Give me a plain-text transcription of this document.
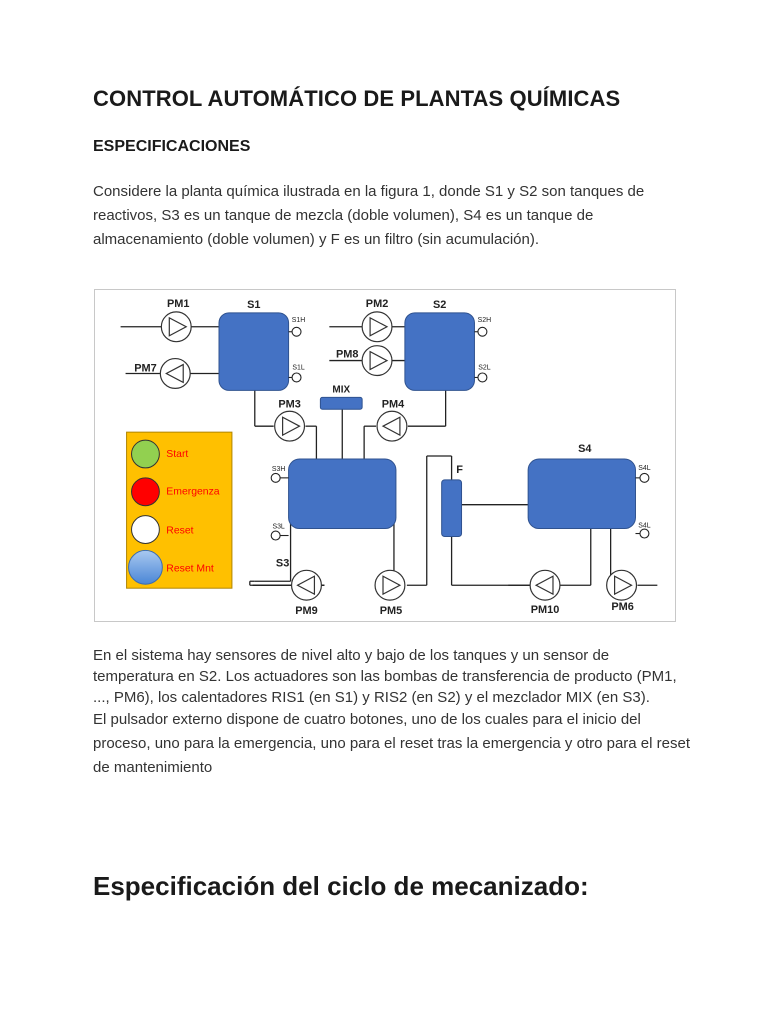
CONTROL AUTOMÁTICO DE PLANTAS QUÍMICAS
ESPECIFICACIONES

Considere la planta química ilustrada en la figura 1, donde S1 y S2 son tanques de reactivos, S3 es un tanque de mezcla (doble volumen), S4 es un tanque de almacenamiento (doble volumen) y F es un filtro (sin acumulación).

S1	S2
S3
S4
F
MIX
PM1
PM7
PM2
PM8
PM3	PM4
PM9	PM5	PM10	PM6
S1H
S1L
S2H
S2L
S3H
S3L
S4L
S4L
Start
Emergenza
Reset
Reset Mnt

En el sistema hay sensores de nivel alto y bajo de los tanques y un sensor de temperatura en S2. Los actuadores son las bombas de transferencia de producto (PM1, ..., PM6), los calentadores RIS1 (en S1) y RIS2 (en S2) y el mezclador MIX (en S3).

El pulsador externo dispone de cuatro botones, uno de los cuales para el inicio del proceso, uno para la emergencia, uno para el reset tras la emergencia y otro para el reset de mantenimiento

Especificación del ciclo de mecanizado:
